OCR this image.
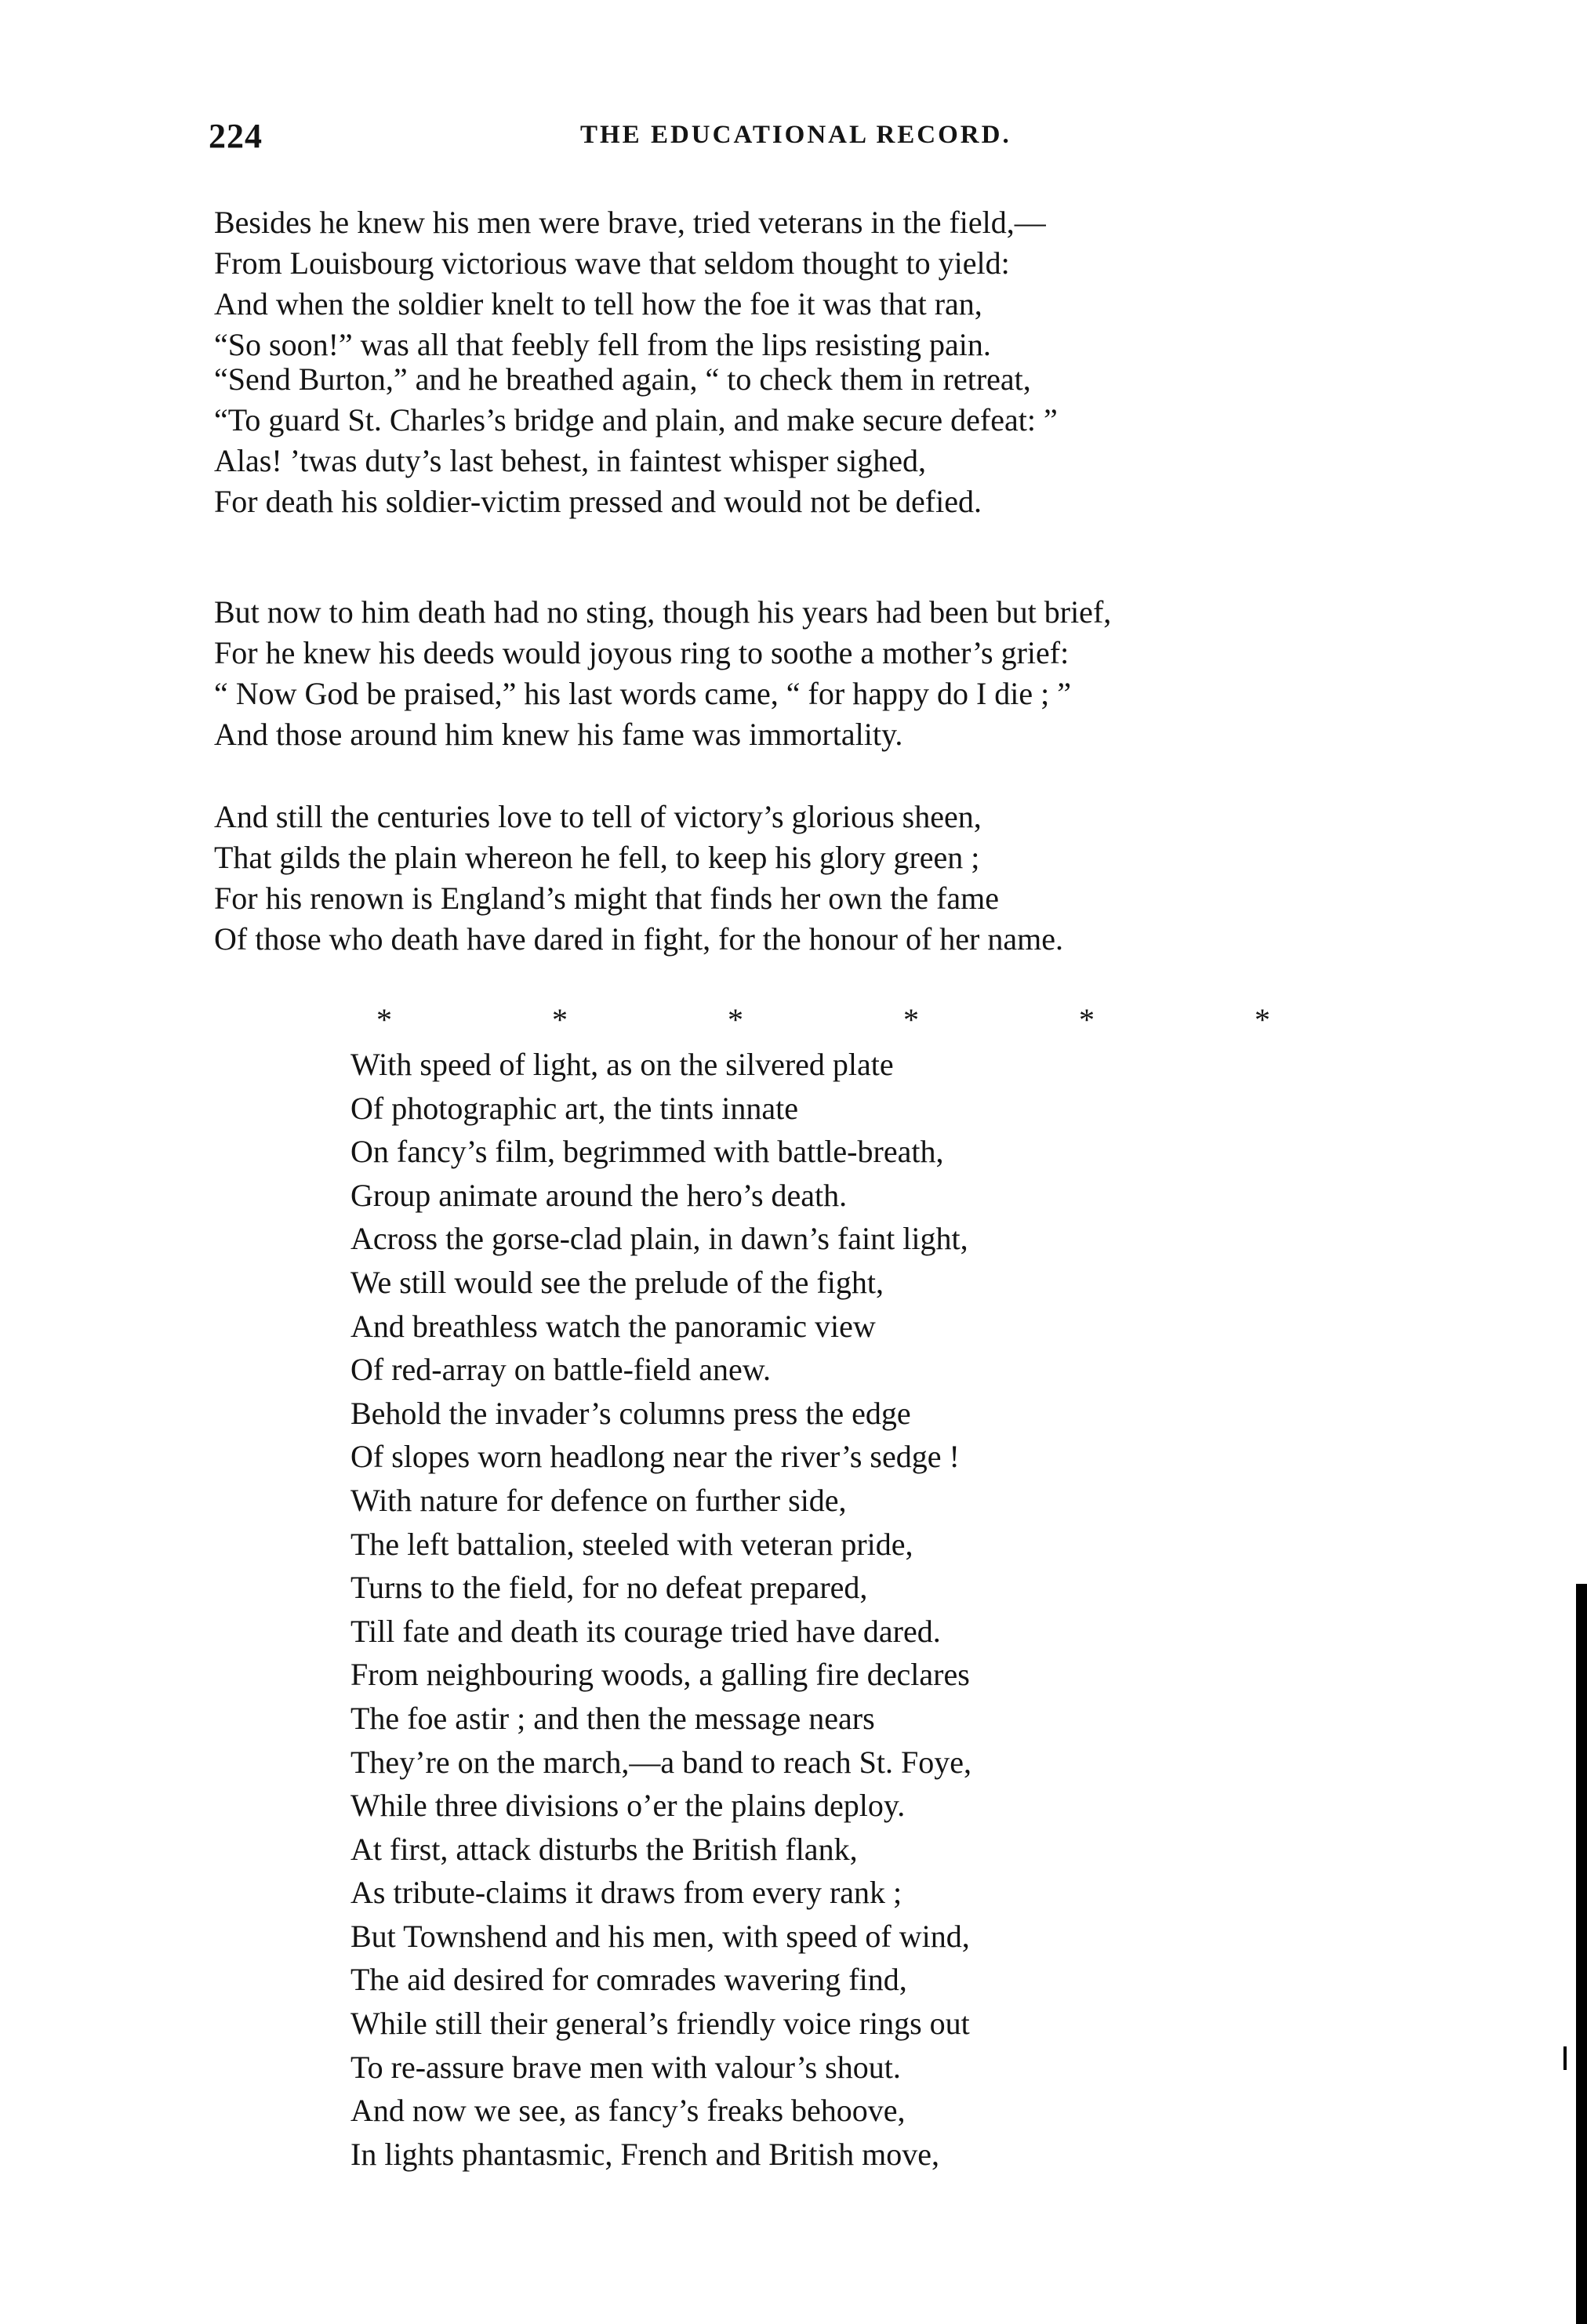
224	THE EDUCATIONAL RECORD.
Besides he knew his men were brave, tried veterans in the field,—
From Louisbourg victorious wave that seldom thought to yield:
And when the soldier knelt to tell how the foe it was that ran,
“So soon!” was all that feebly fell from the lips resisting pain.
“Send Burton,” and he breathed again, “ to check them in retreat,
“To guard St. Charles’s bridge and plain, and make secure defeat: ”
Alas! ’twas duty’s last behest, in faintest whisper sighed,
For death his soldier-victim pressed and would not be defied.
But now to him death had no sting, though his years had been but brief,
For he knew his deeds would joyous ring to soothe a mother’s grief:
“ Now God be praised,” his last words came, “ for happy do I die ; ”
And those around him knew his fame was immortality.
And still the centuries love to tell of victory’s glorious sheen,
That gilds the plain whereon he fell, to keep his glory green ;
For his renown is England’s might that finds her own the fame
Of those who death have dared in fight, for the honour of her name.
*	*	*	*	*	*
With speed of light, as on the silvered plate
Of photographic art, the tints innate
On fancy’s film, begrimmed with battle-breath,
Group animate around the hero’s death.
Across the gorse-clad plain, in dawn’s faint light,
We still would see the prelude of the fight,
And breathless watch the panoramic view
Of red-array on battle-field anew.
Behold the invader’s columns press the edge
Of slopes worn headlong near the river’s sedge !
With nature for defence on further side,
The left battalion, steeled with veteran pride,
Turns to the field, for no defeat prepared,
Till fate and death its courage tried have dared.
From neighbouring woods, a galling fire declares
The foe astir ; and then the message nears
They’re on the march,—a band to reach St. Foye,
While three divisions o’er the plains deploy.
At first, attack disturbs the British flank,
As tribute-claims it draws from every rank ;
But Townshend and his men, with speed of wind,
The aid desired for comrades wavering find,
While still their general’s friendly voice rings out
To re-assure brave men with valour’s shout.
And now we see, as fancy’s freaks behoove,
In lights phantasmic, French and British move,
